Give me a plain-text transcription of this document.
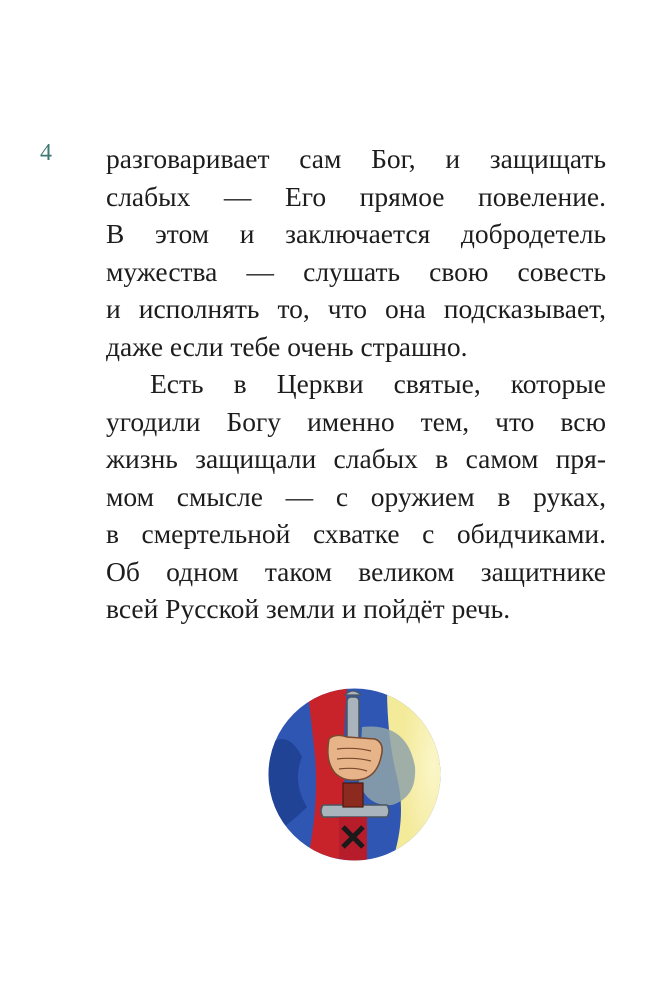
4 разговаривает сам Бог, и защищать
слабых — Его прямое повеление.
В этом и заключается добродетель
мужества — слушать свою совесть
и исполнять то, что она подсказывает,
даже если тебе очень страшно.
Есть в Церкви святые, которые
угодили Богу именно тем, что всю
жизнь защищали слабых в самом пря-
мом смысле — с оружием в руках,
в смертельной схватке с обидчиками.
Об одном таком великом защитнике
всей Русской земли и пойдёт речь.
